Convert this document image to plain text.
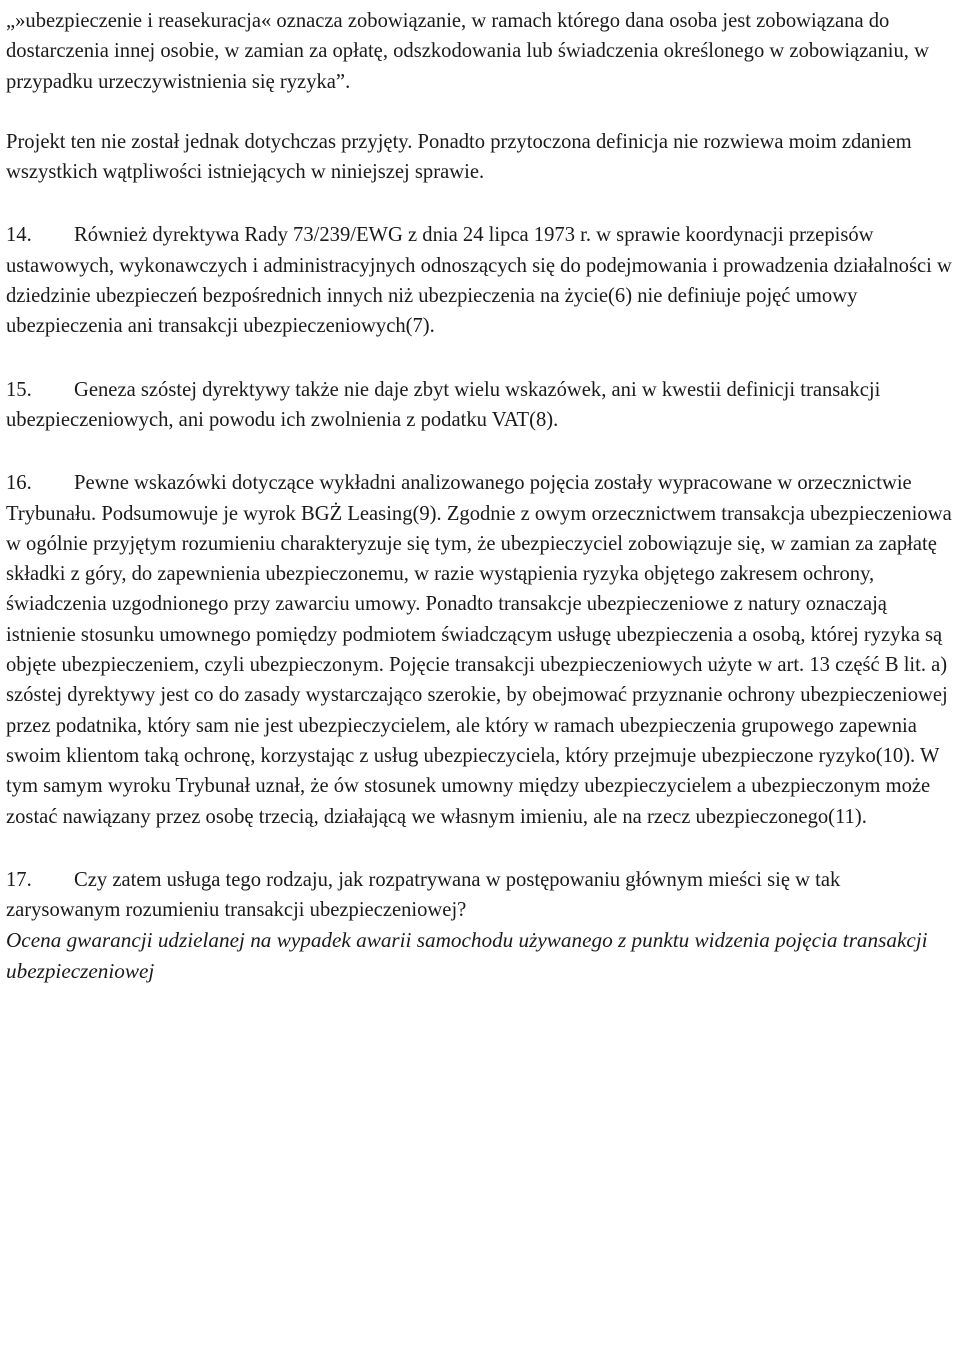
„»ubezpieczenie i reasekuracja« oznacza zobowiązanie, w ramach którego dana osoba jest zobowiązana do dostarczenia innej osobie, w zamian za opłatę, odszkodowania lub świadczenia określonego w zobowiązaniu, w przypadku urzeczywistnienia się ryzyka”.

Projekt ten nie został jednak dotychczas przyjęty. Ponadto przytoczona definicja nie rozwiewa moim zdaniem wszystkich wątpliwości istniejących w niniejszej sprawie.

14. Również dyrektywa Rady 73/239/EWG z dnia 24 lipca 1973 r. w sprawie koordynacji przepisów ustawowych, wykonawczych i administracyjnych odnoszących się do podejmowania i prowadzenia działalności w dziedzinie ubezpieczeń bezpośrednich innych niż ubezpieczenia na życie(6) nie definiuje pojęć umowy ubezpieczenia ani transakcji ubezpieczeniowych(7).

15. Geneza szóstej dyrektywy także nie daje zbyt wielu wskazówek, ani w kwestii definicji transakcji ubezpieczeniowych, ani powodu ich zwolnienia z podatku VAT(8).

16. Pewne wskazówki dotyczące wykładni analizowanego pojęcia zostały wypracowane w orzecznictwie Trybunału. Podsumowuje je wyrok BGŻ Leasing(9). Zgodnie z owym orzecznictwem transakcja ubezpieczeniowa w ogólnie przyjętym rozumieniu charakteryzuje się tym, że ubezpieczyciel zobowiązuje się, w zamian za zapłatę składki z góry, do zapewnienia ubezpieczonemu, w razie wystąpienia ryzyka objętego zakresem ochrony, świadczenia uzgodnionego przy zawarciu umowy. Ponadto transakcje ubezpieczeniowe z natury oznaczają istnienie stosunku umownego pomiędzy podmiotem świadczącym usługę ubezpieczenia a osobą, której ryzyka są objęte ubezpieczeniem, czyli ubezpieczonym. Pojęcie transakcji ubezpieczeniowych użyte w art. 13 część B lit. a) szóstej dyrektywy jest co do zasady wystarczająco szerokie, by obejmować przyznanie ochrony ubezpieczeniowej przez podatnika, który sam nie jest ubezpieczycielem, ale który w ramach ubezpieczenia grupowego zapewnia swoim klientom taką ochronę, korzystając z usług ubezpieczyciela, który przejmuje ubezpieczone ryzyko(10). W tym samym wyroku Trybunał uznał, że ów stosunek umowny między ubezpieczycielem a ubezpieczonym może zostać nawiązany przez osobę trzecią, działającą we własnym imieniu, ale na rzecz ubezpieczonego(11).

17. Czy zatem usługa tego rodzaju, jak rozpatrywana w postępowaniu głównym mieści się w tak zarysowanym rozumieniu transakcji ubezpieczeniowej?

Ocena gwarancji udzielanej na wypadek awarii samochodu używanego z punktu widzenia pojęcia transakcji ubezpieczeniowej
